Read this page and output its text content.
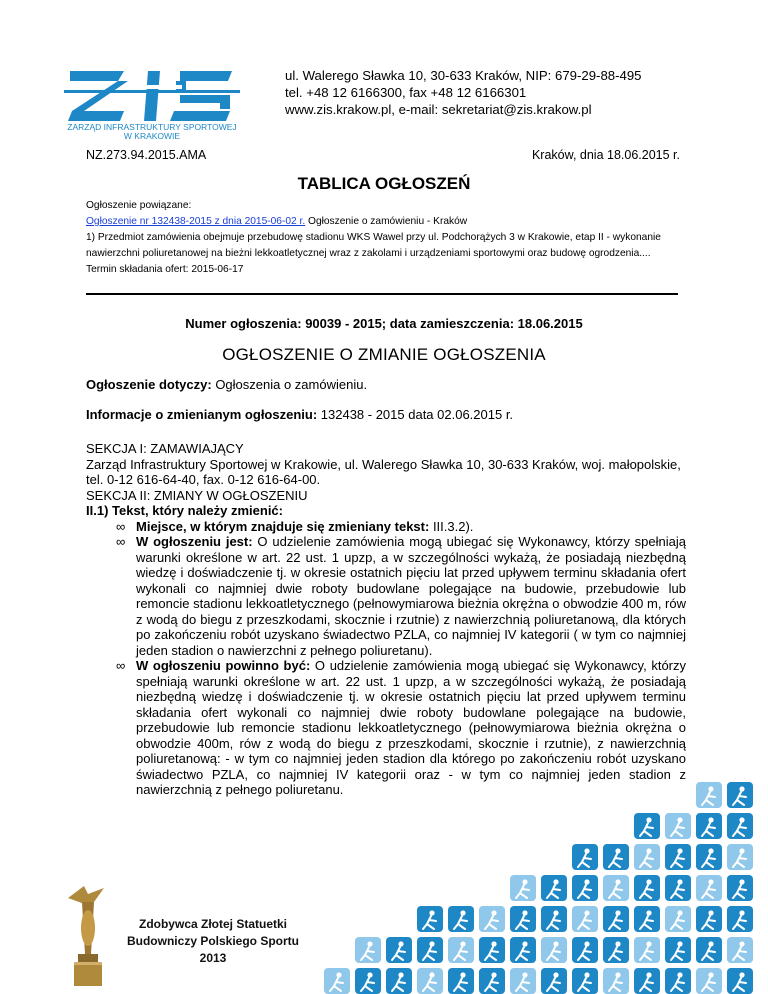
ZARZĄD INFRASTRUKTURY SPORTOWEJ
W KRAKOWIE
ul. Walerego Sławka 10, 30-633 Kraków, NIP: 679-29-88-495
tel. +48 12 6166300, fax +48 12 6166301
www.zis.krakow.pl, e-mail: sekretariat@zis.krakow.pl
NZ.273.94.2015.AMA	Kraków, dnia 18.06.2015 r.
TABLICA OGŁOSZEŃ
Ogłoszenie powiązane:
Ogłoszenie nr 132438-2015 z dnia 2015-06-02 r. Ogłoszenie o zamówieniu - Kraków
1) Przedmiot zamówienia obejmuje przebudowę stadionu WKS Wawel przy ul. Podchorążych 3 w Krakowie, etap II - wykonanie nawierzchni poliuretanowej na bieżni lekkoatletycznej wraz z zakolami i urządzeniami sportowymi oraz budowę ogrodzenia....
Termin składania ofert: 2015-06-17
Numer ogłoszenia: 90039 - 2015; data zamieszczenia: 18.06.2015
OGŁOSZENIE O ZMIANIE OGŁOSZENIA
Ogłoszenie dotyczy: Ogłoszenia o zamówieniu.
Informacje o zmienianym ogłoszeniu: 132438 - 2015 data 02.06.2015 r.

SEKCJA I: ZAMAWIAJĄCY

Zarząd Infrastruktury Sportowej w Krakowie, ul. Walerego Sławka 10, 30-633 Kraków, woj. małopolskie, tel. 0-12 616-64-40, fax. 0-12 616-64-00.

SEKCJA II: ZMIANY W OGŁOSZENIU

II.1) Tekst, który należy zmienić:

∞ Miejsce, w którym znajduje się zmieniany tekst: III.3.2).
∞ W ogłoszeniu jest: O udzielenie zamówienia mogą ubiegać się Wykonawcy, którzy spełniają warunki określone w art. 22 ust. 1 upzp, a w szczególności wykażą, że posiadają niezbędną wiedzę i doświadczenie tj. w okresie ostatnich pięciu lat przed upływem terminu składania ofert wykonali co najmniej dwie roboty budowlane polegające na budowie, przebudowie lub remoncie stadionu lekkoatletycznego (pełnowymiarowa bieżnia okrężna o obwodzie 400 m, rów z wodą do biegu z przeszkodami, skocznie i rzutnie) z nawierzchnią poliuretanową, dla których po zakończeniu robót uzyskano świadectwo PZLA, co najmniej IV kategorii ( w tym co najmniej jeden stadion o nawierzchni z pełnego poliuretanu).
∞ W ogłoszeniu powinno być: O udzielenie zamówienia mogą ubiegać się Wykonawcy, którzy spełniają warunki określone w art. 22 ust. 1 upzp, a w szczególności wykażą, że posiadają niezbędną wiedzę i doświadczenie tj. w okresie ostatnich pięciu lat przed upływem terminu składania ofert wykonali co najmniej dwie roboty budowlane polegające na budowie, przebudowie lub remoncie stadionu lekkoatletycznego (pełnowymiarowa bieżnia okrężna o obwodzie 400m, rów z wodą do biegu z przeszkodami, skocznie i rzutnie), z nawierzchnią poliuretanową: - w tym co najmniej jeden stadion dla którego po zakończeniu robót uzyskano świadectwo PZLA, co najmniej IV kategorii oraz - w tym co najmniej jeden stadion z nawierzchnią z pełnego poliuretanu.
Zdobywca Złotej Statuetki
Budowniczy Polskiego Sportu
2013
